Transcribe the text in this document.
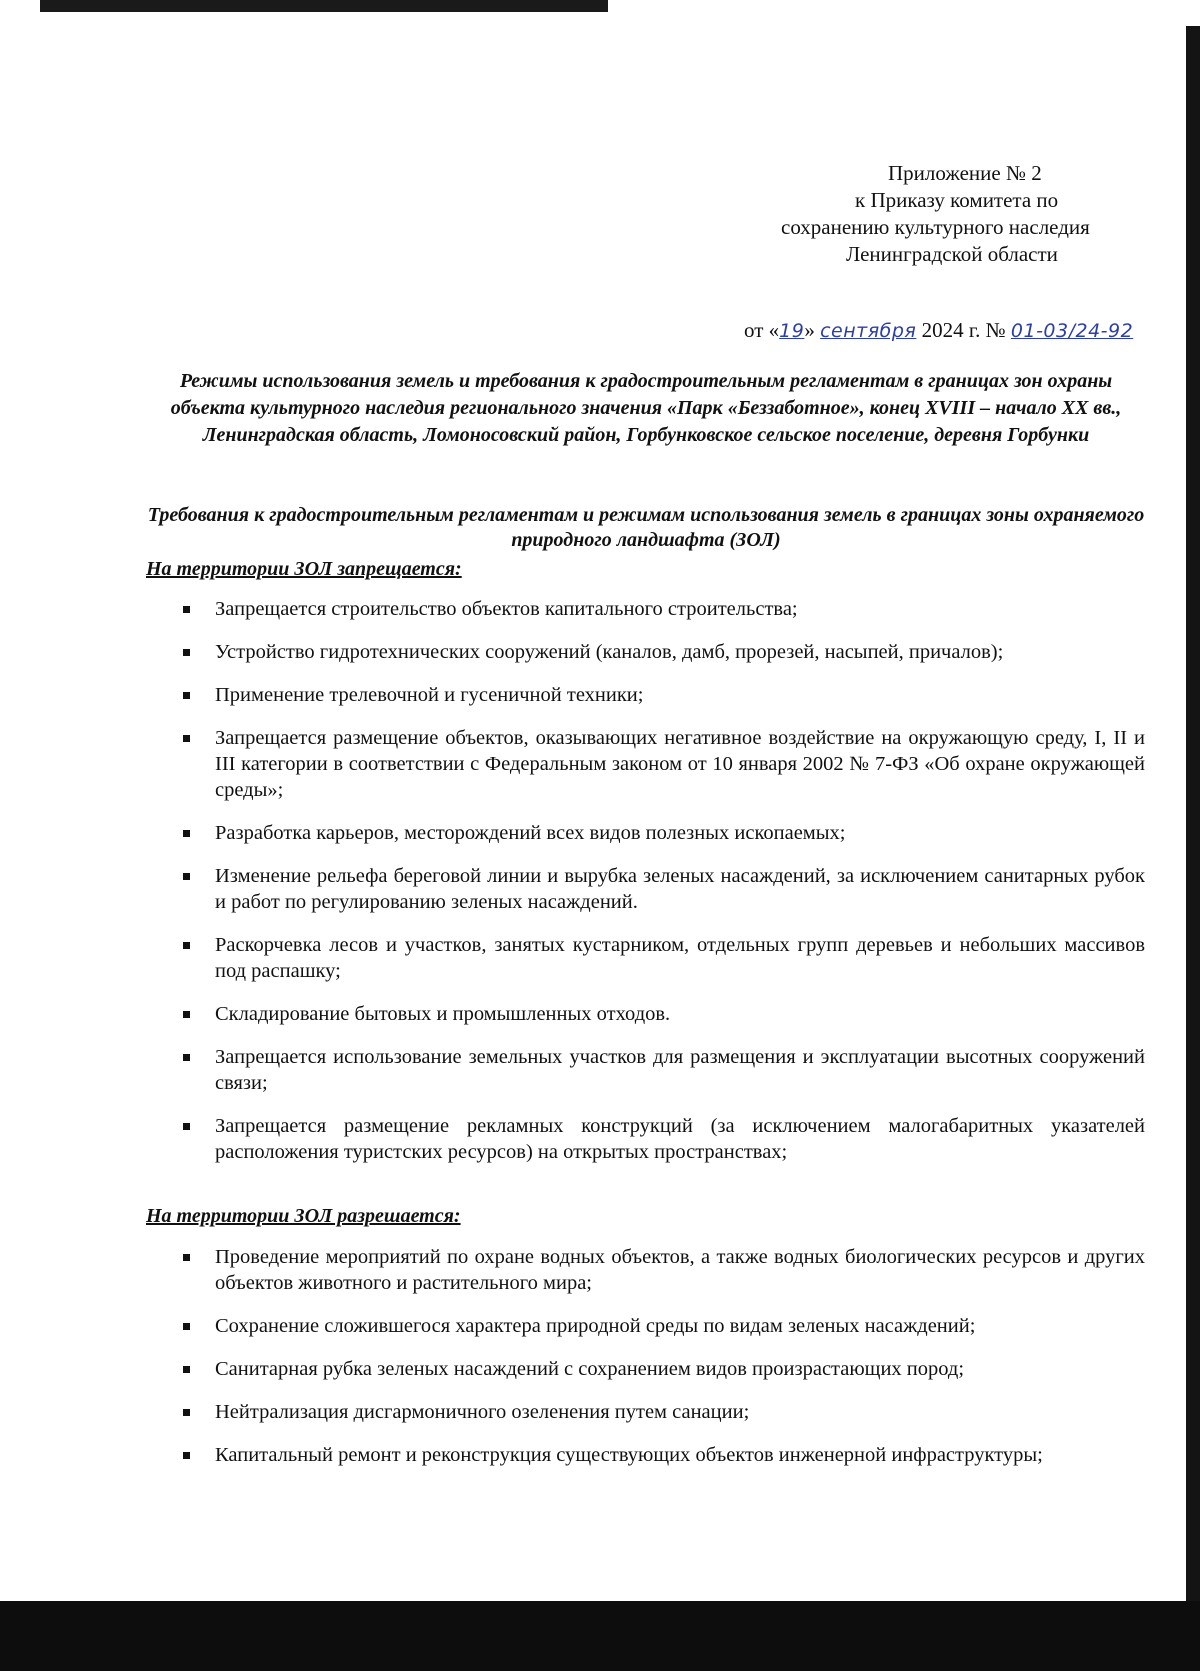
Приложение № 2
к Приказу комитета по
сохранению культурного наследия
Ленинградской области
от «19» сентября 2024 г. № 01-03/24-92
Режимы использования земель и требования к градостроительным регламентам в границах зон охраны объекта культурного наследия регионального значения «Парк «Беззаботное», конец XVIII – начало XX вв., Ленинградская область, Ломоносовский район, Горбунковское сельское поселение, деревня Горбунки
Требования к градостроительным регламентам и режимам использования земель в границах зоны охраняемого природного ландшафта (ЗОЛ)
На территории ЗОЛ запрещается:
Запрещается строительство объектов капитального строительства;
Устройство гидротехнических сооружений (каналов, дамб, прорезей, насыпей, причалов);
Применение трелевочной и гусеничной техники;
Запрещается размещение объектов, оказывающих негативное воздействие на окружающую среду, I, II и III категории в соответствии с Федеральным законом от 10 января 2002 № 7-ФЗ «Об охране окружающей среды»;
Разработка карьеров, месторождений всех видов полезных ископаемых;
Изменение рельефа береговой линии и вырубка зеленых насаждений, за исключением санитарных рубок и работ по регулированию зеленых насаждений.
Раскорчевка лесов и участков, занятых кустарником, отдельных групп деревьев и небольших массивов под распашку;
Складирование бытовых и промышленных отходов.
Запрещается использование земельных участков для размещения и эксплуатации высотных сооружений связи;
Запрещается размещение рекламных конструкций (за исключением малогабаритных указателей расположения туристских ресурсов) на открытых пространствах;
На территории ЗОЛ разрешается:
Проведение мероприятий по охране водных объектов, а также водных биологических ресурсов и других объектов животного и растительного мира;
Сохранение сложившегося характера природной среды по видам зеленых насаждений;
Санитарная рубка зеленых насаждений с сохранением видов произрастающих пород;
Нейтрализация дисгармоничного озеленения путем санации;
Капитальный ремонт и реконструкция существующих объектов инженерной инфраструктуры;
